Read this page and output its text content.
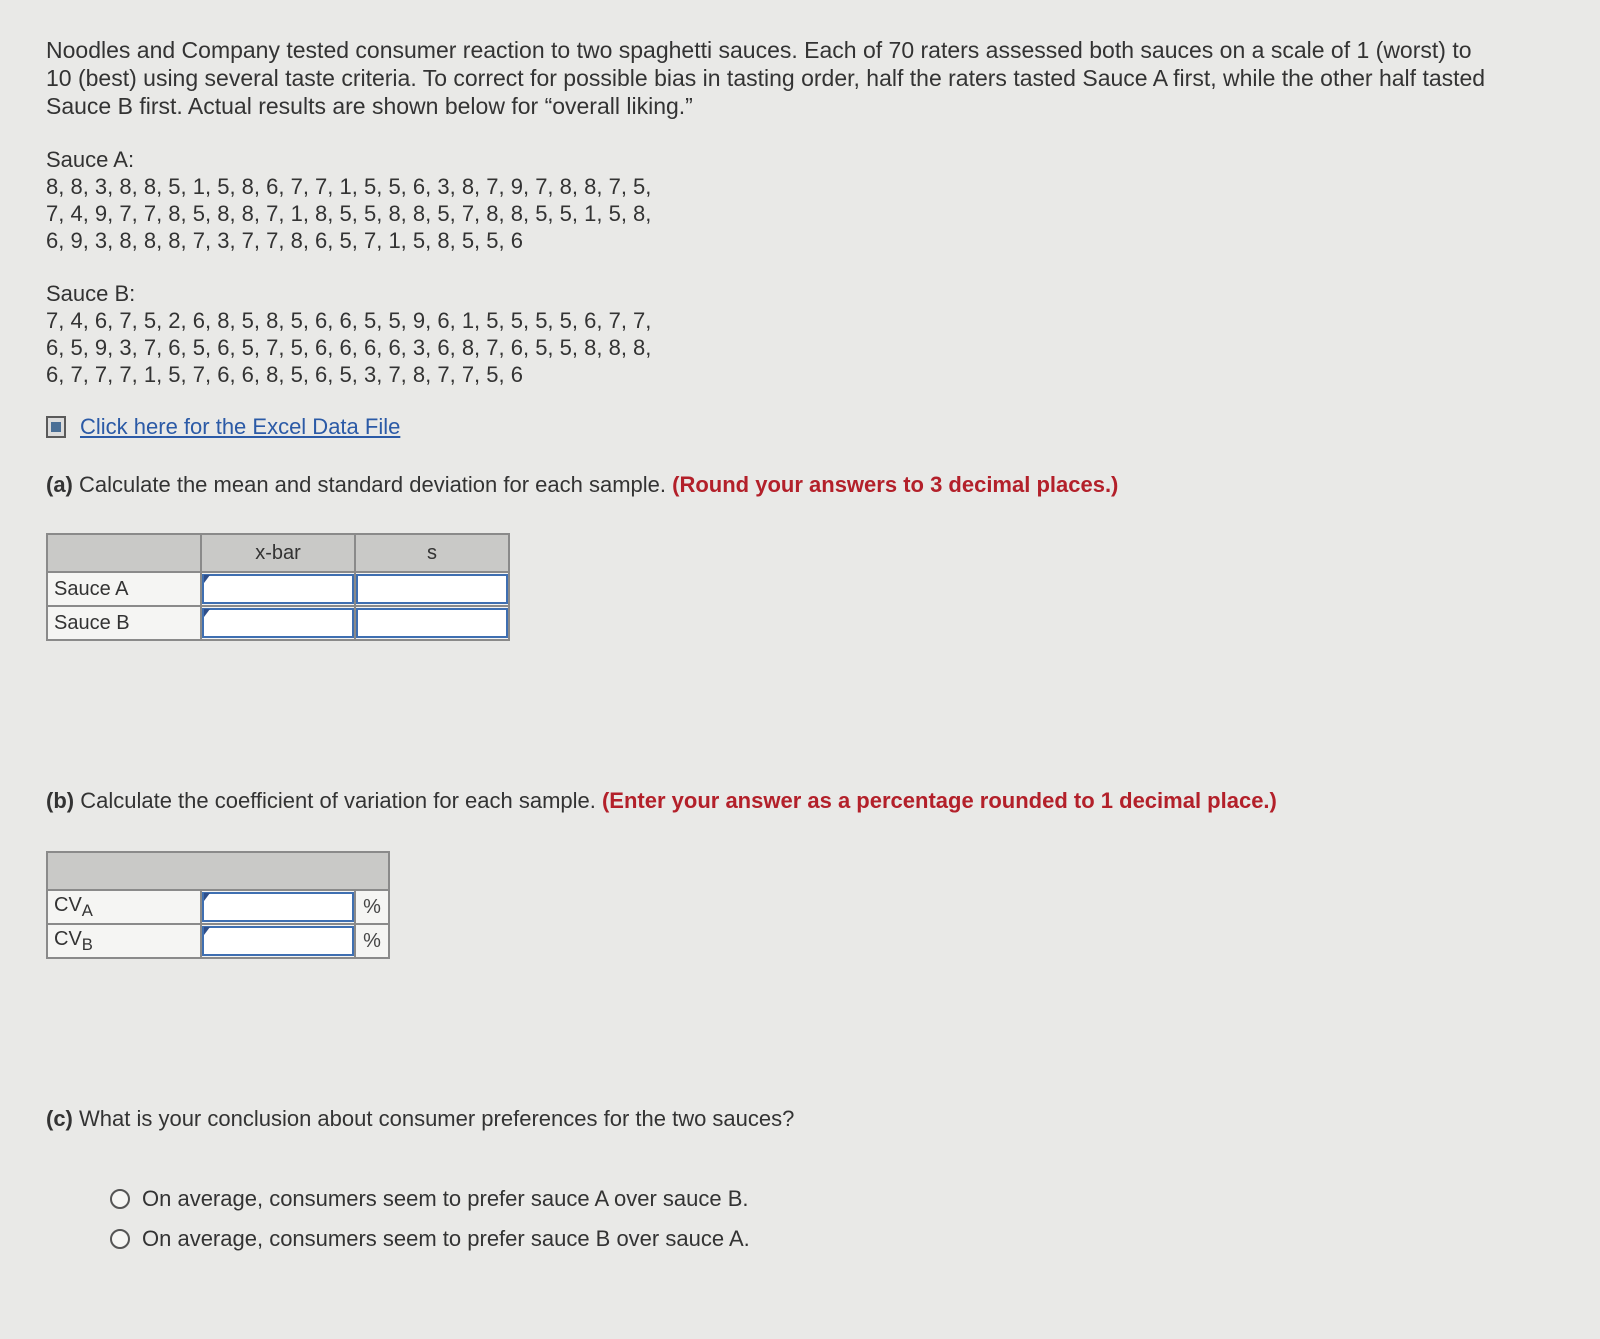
Noodles and Company tested consumer reaction to two spaghetti sauces. Each of 70 raters assessed both sauces on a scale of 1 (worst) to 10 (best) using several taste criteria. To correct for possible bias in tasting order, half the raters tasted Sauce A first, while the other half tasted Sauce B first. Actual results are shown below for “overall liking.”

Sauce A:
8, 8, 3, 8, 8, 5, 1, 5, 8, 6, 7, 7, 1, 5, 5, 6, 3, 8, 7, 9, 7, 8, 8, 7, 5,
7, 4, 9, 7, 7, 8, 5, 8, 8, 7, 1, 8, 5, 5, 8, 8, 5, 7, 8, 8, 5, 5, 1, 5, 8,
6, 9, 3, 8, 8, 8, 7, 3, 7, 7, 8, 6, 5, 7, 1, 5, 8, 5, 5, 6
Sauce B:
7, 4, 6, 7, 5, 2, 6, 8, 5, 8, 5, 6, 6, 5, 5, 9, 6, 1, 5, 5, 5, 5, 6, 7, 7,
6, 5, 9, 3, 7, 6, 5, 6, 5, 7, 5, 6, 6, 6, 6, 3, 6, 8, 7, 6, 5, 5, 8, 8, 8,
6, 7, 7, 7, 1, 5, 7, 6, 6, 8, 5, 6, 5, 3, 7, 8, 7, 7, 5, 6
Click here for the Excel Data File
(a) Calculate the mean and standard deviation for each sample. (Round your answers to 3 decimal places.)
	x-bar	s
Sauce A	

Sauce B	

(b) Calculate the coefficient of variation for each sample. (Enter your answer as a percentage rounded to 1 decimal place.)

$CV_A$		%
$CV_B$		%
(c) What is your conclusion about consumer preferences for the two sauces?
On average, consumers seem to prefer sauce A over sauce B.
On average, consumers seem to prefer sauce B over sauce A.
